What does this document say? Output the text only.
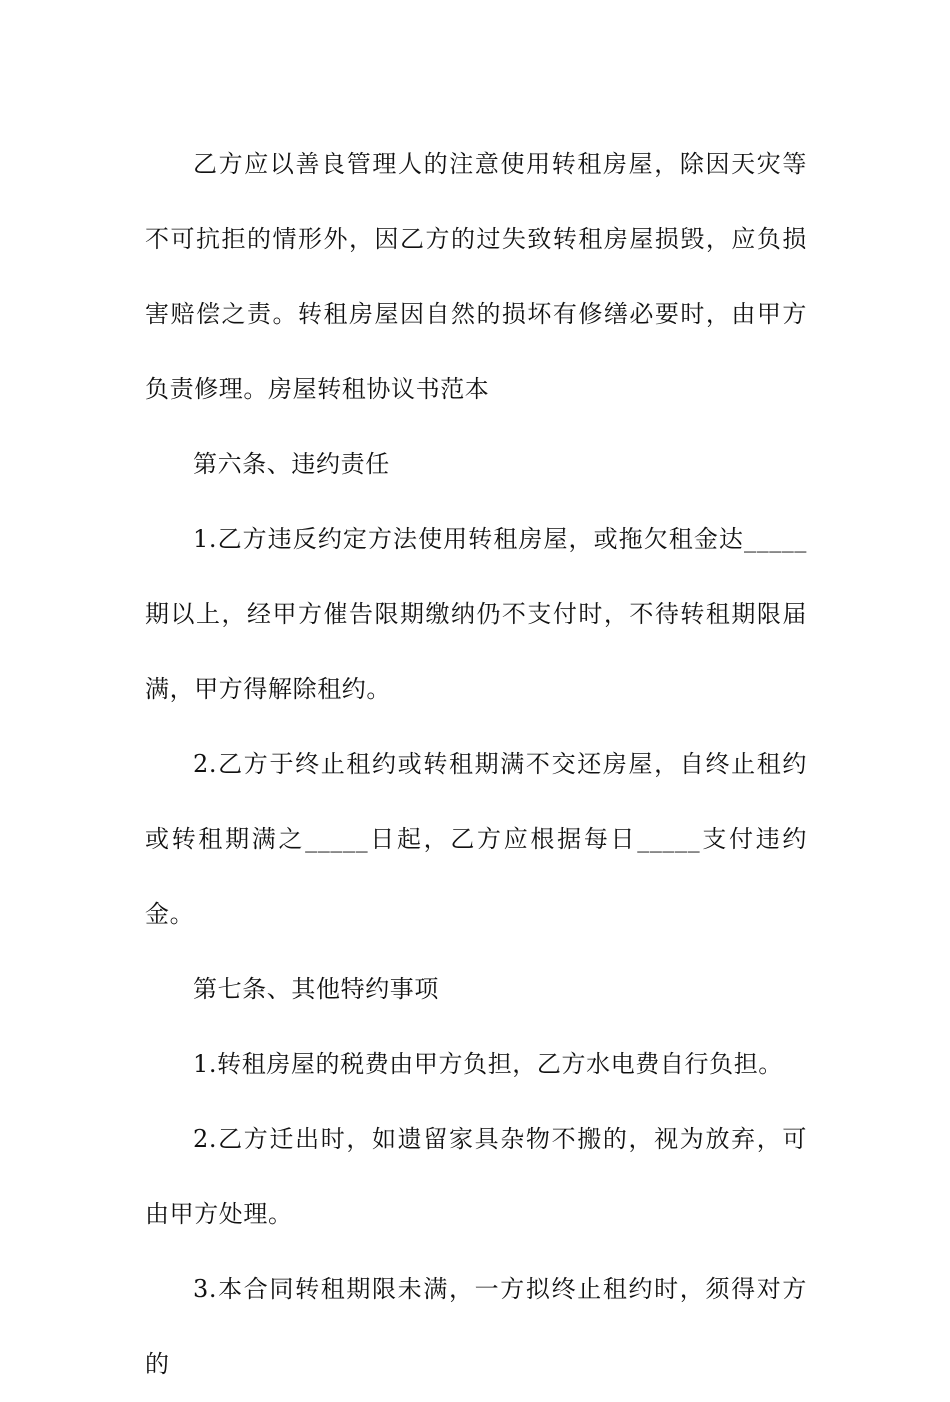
乙方应以善良管理人的注意使用转租房屋，除因天灾等不可抗拒的情形外，因乙方的过失致转租房屋损毁，应负损害赔偿之责。转租房屋因自然的损坏有修缮必要时，由甲方负责修理。房屋转租协议书范本

第六条、违约责任

1.乙方违反约定方法使用转租房屋，或拖欠租金达_____期以上，经甲方催告限期缴纳仍不支付时，不待转租期限届满，甲方得解除租约。

2.乙方于终止租约或转租期满不交还房屋，自终止租约或转租期满之_____日起，乙方应根据每日_____支付违约金。

第七条、其他特约事项

1.转租房屋的税费由甲方负担，乙方水电费自行负担。

2.乙方迁出时，如遗留家具杂物不搬的，视为放弃，可由甲方处理。

3.本合同转租期限未满，一方拟终止租约时，须得对方的
